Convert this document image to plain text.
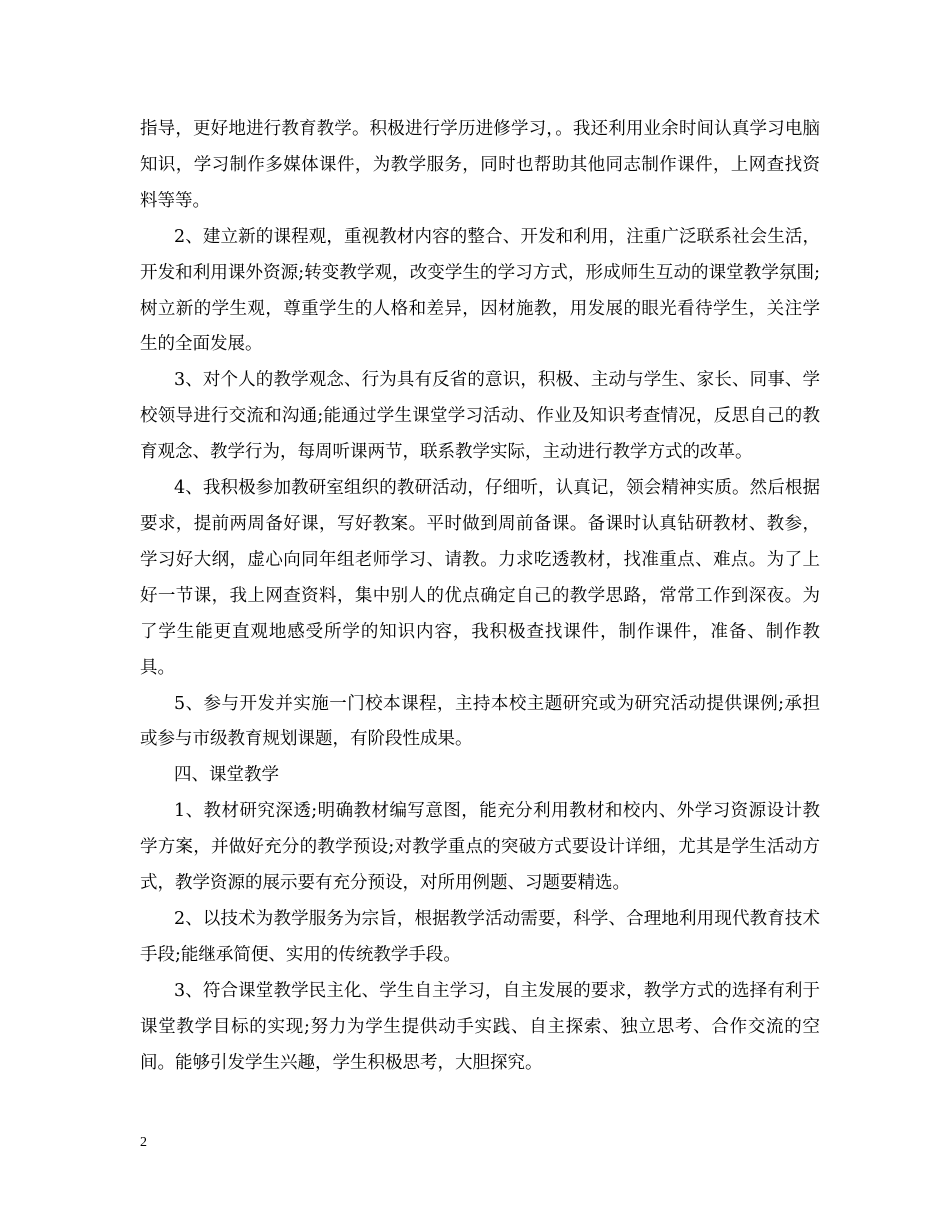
指导，更好地进行教育教学。积极进行学历进修学习，。我还利用业余时间认真学习电脑知识，学习制作多媒体课件，为教学服务，同时也帮助其他同志制作课件，上网查找资料等等。

2、建立新的课程观，重视教材内容的整合、开发和利用，注重广泛联系社会生活，开发和利用课外资源;转变教学观，改变学生的学习方式，形成师生互动的课堂教学氛围;树立新的学生观，尊重学生的人格和差异，因材施教，用发展的眼光看待学生，关注学生的全面发展。

3、对个人的教学观念、行为具有反省的意识，积极、主动与学生、家长、同事、学校领导进行交流和沟通;能通过学生课堂学习活动、作业及知识考查情况，反思自己的教育观念、教学行为，每周听课两节，联系教学实际，主动进行教学方式的改革。

4、我积极参加教研室组织的教研活动，仔细听，认真记，领会精神实质。然后根据要求，提前两周备好课，写好教案。平时做到周前备课。备课时认真钻研教材、教参，学习好大纲，虚心向同年组老师学习、请教。力求吃透教材，找准重点、难点。为了上好一节课，我上网查资料，集中别人的优点确定自己的教学思路，常常工作到深夜。为了学生能更直观地感受所学的知识内容，我积极查找课件，制作课件，准备、制作教具。

5、参与开发并实施一门校本课程，主持本校主题研究或为研究活动提供课例;承担或参与市级教育规划课题，有阶段性成果。

四、课堂教学

1、教材研究深透;明确教材编写意图，能充分利用教材和校内、外学习资源设计教学方案，并做好充分的教学预设;对教学重点的突破方式要设计详细，尤其是学生活动方式，教学资源的展示要有充分预设，对所用例题、习题要精选。

2、以技术为教学服务为宗旨，根据教学活动需要，科学、合理地利用现代教育技术手段;能继承简便、实用的传统教学手段。

3、符合课堂教学民主化、学生自主学习，自主发展的要求，教学方式的选择有利于课堂教学目标的实现;努力为学生提供动手实践、自主探索、独立思考、合作交流的空间。能够引发学生兴趣，学生积极思考，大胆探究。

2
